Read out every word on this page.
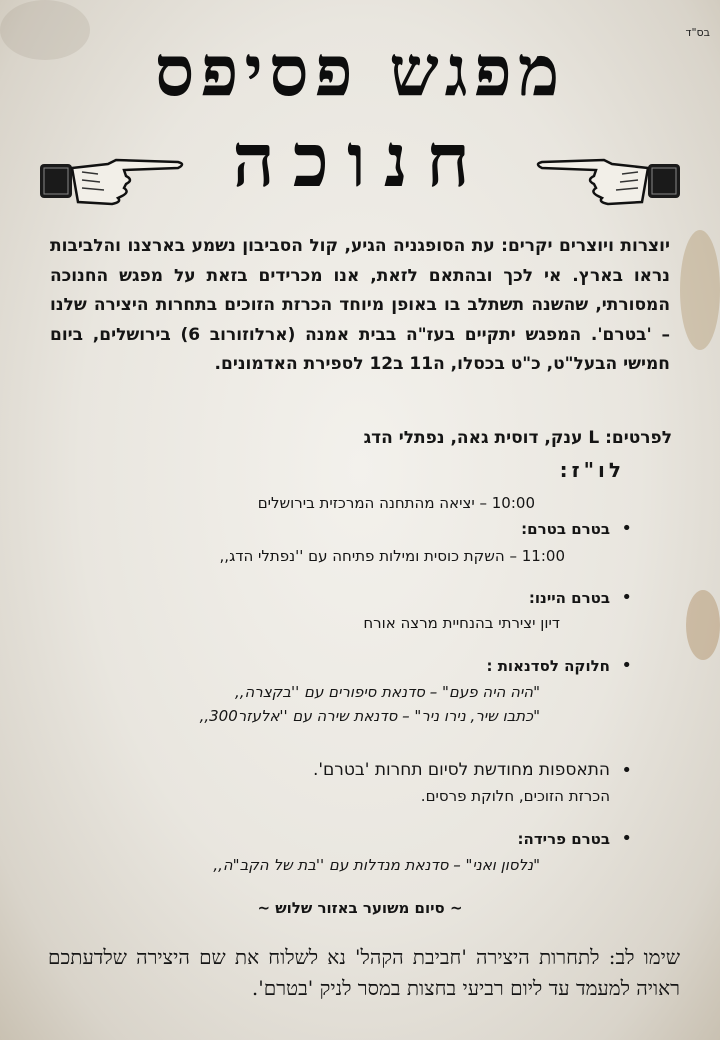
בס"ד
מפגש פסיפס
חנוכה
יוצרות ויוצרים יקרים: עת הסופגניה הגיע, קול הסביבון נשמע בארצנו והלביבות נראו בארץ. אי לכך ובהתאם לזאת, אנו מכרידים בזאת על מפגש החנוכה המסורתי, שהשנה תשתלב בו באופן מיוחד הכרזת הזוכים בתחרות היצירה שלנו – 'בטרם'. המפגש יתקיים בעז"ה בבית אמנה (ארלוזורוב 6) בירושלים, ביום חמישי הבעל"ט, כ"ט בכסלו, ה11 ב12 לספירת האדמונים.
לפרטים: L ענק, דוסית גאה, נפתלי הדג
לו"ז:
10:00 – יציאה מהתחנה המרכזית בירושלים
•
בטרם בטרם:
11:00 – השקת כוסית ומילות פתיחה עם ''נפתלי הדג,,
•
בטרם היינו:
דיון יצירתי בהנחיית מרצה אורח
•
חלוקה לסדנאות :
"היה היה פעם" – סדנאת סיפורים עם ''בקצרה,,
"כתבו שיר, נירו ניר" – סדנאת שירה עם ''אלעזר300,,
•
התאספות מחודשת לסיום תחרות 'בטרם'.
הכרזת הזוכים, חלוקת פרסים.
•
בטרם פרידה:
"נלסון ואני" – סדנאת מנדלות עם ''בת של הקב"ה,,
~ סיום משוער באזור שלוש ~
שימו לב: לתחרות היצירה 'חביבת הקהל' נא לשלוח את שם היצירה שלדעתכם ראויה למעמד עד ליום רביעי בחצות במסר לניק 'בטרם'.
